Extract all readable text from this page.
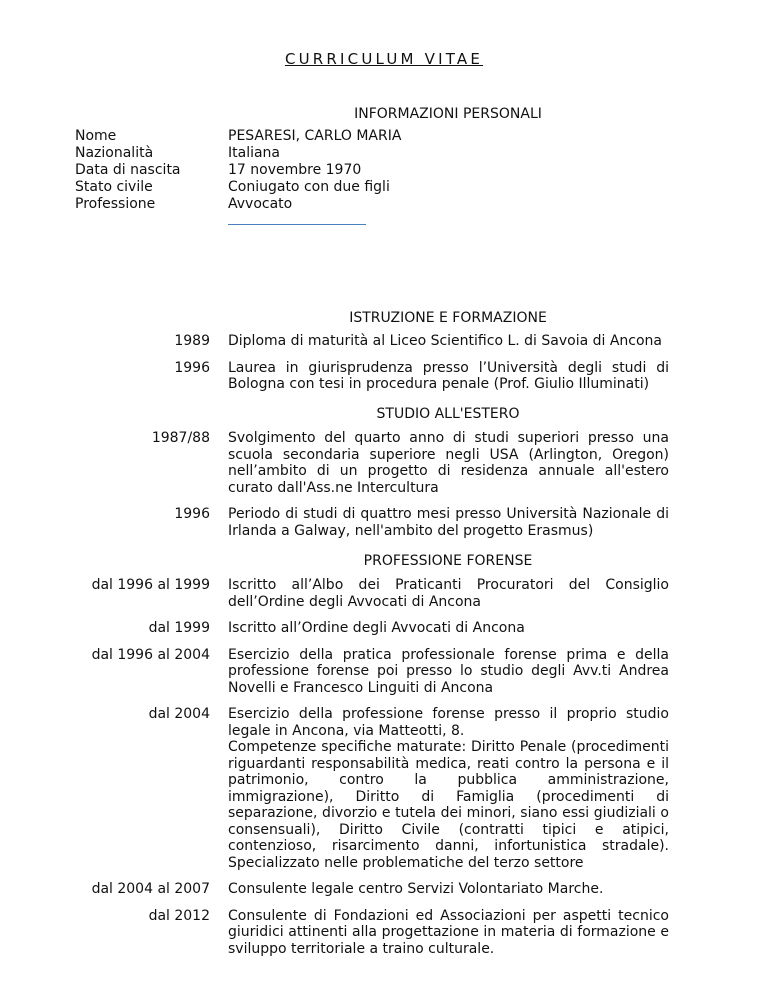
CURRICULUM VITAE
INFORMAZIONI PERSONALI
Nome	PESARESI, CARLO MARIA
Nazionalità	Italiana
Data di nascita	17 novembre 1970
Stato civile	Coniugato con due figli
Professione	Avvocato
ISTRUZIONE E FORMAZIONE
1989 Diploma di maturità al Liceo Scientifico L. di Savoia di Ancona
1996 Laurea in giurisprudenza presso l’Università degli studi di Bologna con tesi in procedura penale (Prof. Giulio Illuminati)
STUDIO ALL'ESTERO
1987/88 Svolgimento del quarto anno di studi superiori presso una scuola secondaria superiore negli USA (Arlington, Oregon) nell’ambito di un progetto di residenza annuale all'estero curato dall'Ass.ne Intercultura
1996 Periodo di studi di quattro mesi presso Università Nazionale di Irlanda a Galway, nell'ambito del progetto Erasmus)
PROFESSIONE FORENSE
dal 1996 al 1999 Iscritto all’Albo dei Praticanti Procuratori del Consiglio dell’Ordine degli Avvocati di Ancona
dal 1999 Iscritto all’Ordine degli Avvocati di Ancona
dal 1996 al 2004 Esercizio della pratica professionale forense prima e della professione forense poi presso lo studio degli Avv.ti Andrea Novelli e Francesco Linguiti di Ancona
dal 2004 Esercizio della professione forense presso il proprio studio legale in Ancona, via Matteotti, 8.
Competenze specifiche maturate: Diritto Penale (procedimenti riguardanti responsabilità medica, reati contro la persona e il patrimonio, contro la pubblica amministrazione, immigrazione), Diritto di Famiglia (procedimenti di separazione, divorzio e tutela dei minori, siano essi giudiziali o consensuali), Diritto Civile (contratti tipici e atipici, contenzioso, risarcimento danni, infortunistica stradale). Specializzato nelle problematiche del terzo settore
dal 2004 al 2007 Consulente legale centro Servizi Volontariato Marche.
dal 2012 Consulente di Fondazioni ed Associazioni per aspetti tecnico giuridici attinenti alla progettazione in materia di formazione e sviluppo territoriale a traino culturale.
